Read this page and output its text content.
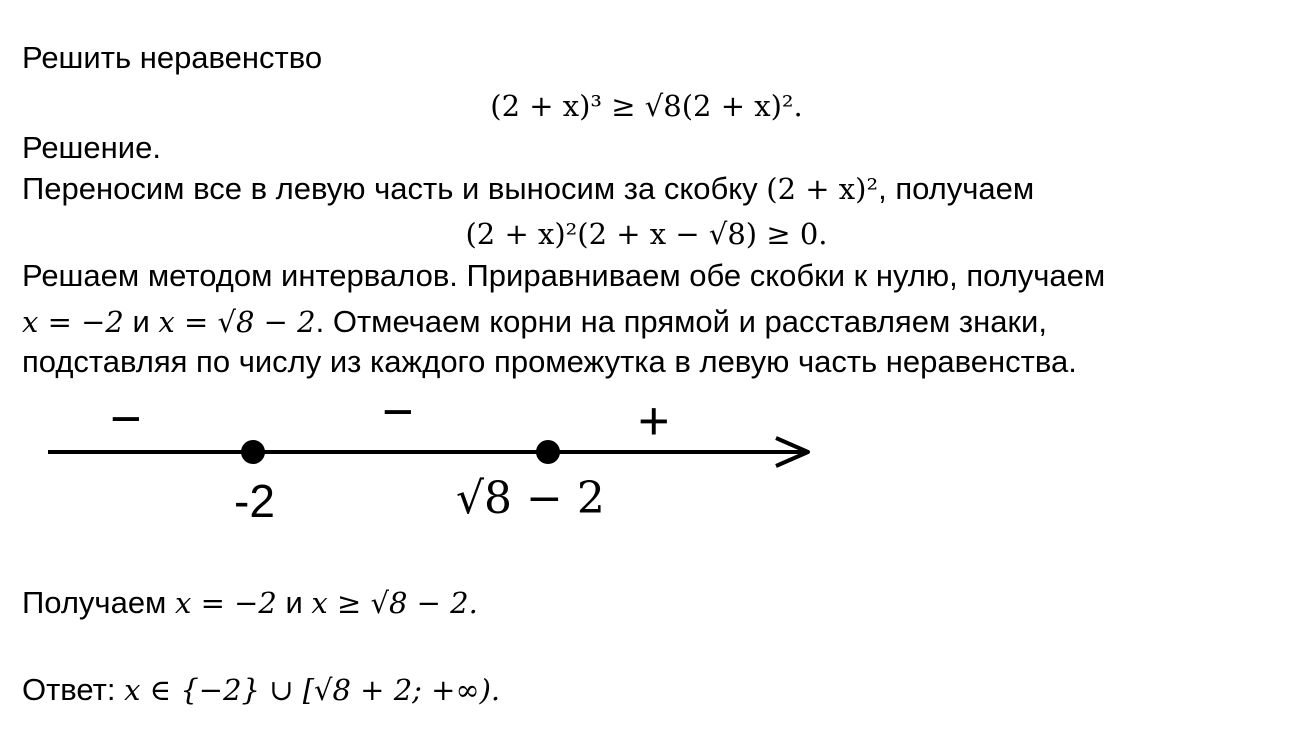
Решить неравенство
(2 + x)³ ≥ √8(2 + x)².
Решение.
Переносим все в левую часть и выносим за скобку (2 + x)², получаем
(2 + x)²(2 + x − √8) ≥ 0.
Решаем методом интервалов. Приравниваем обе скобки к нулю, получаем
x = −2 и x = √8 − 2. Отмечаем корни на прямой и расставляем знаки,
подставляя по числу из каждого промежутка в левую часть неравенства.
−	−	+
-2	√8 − 2
Получаем x = −2 и x ≥ √8 − 2.
Ответ: x ∈ {−2} ∪ [√8 + 2; +∞).
